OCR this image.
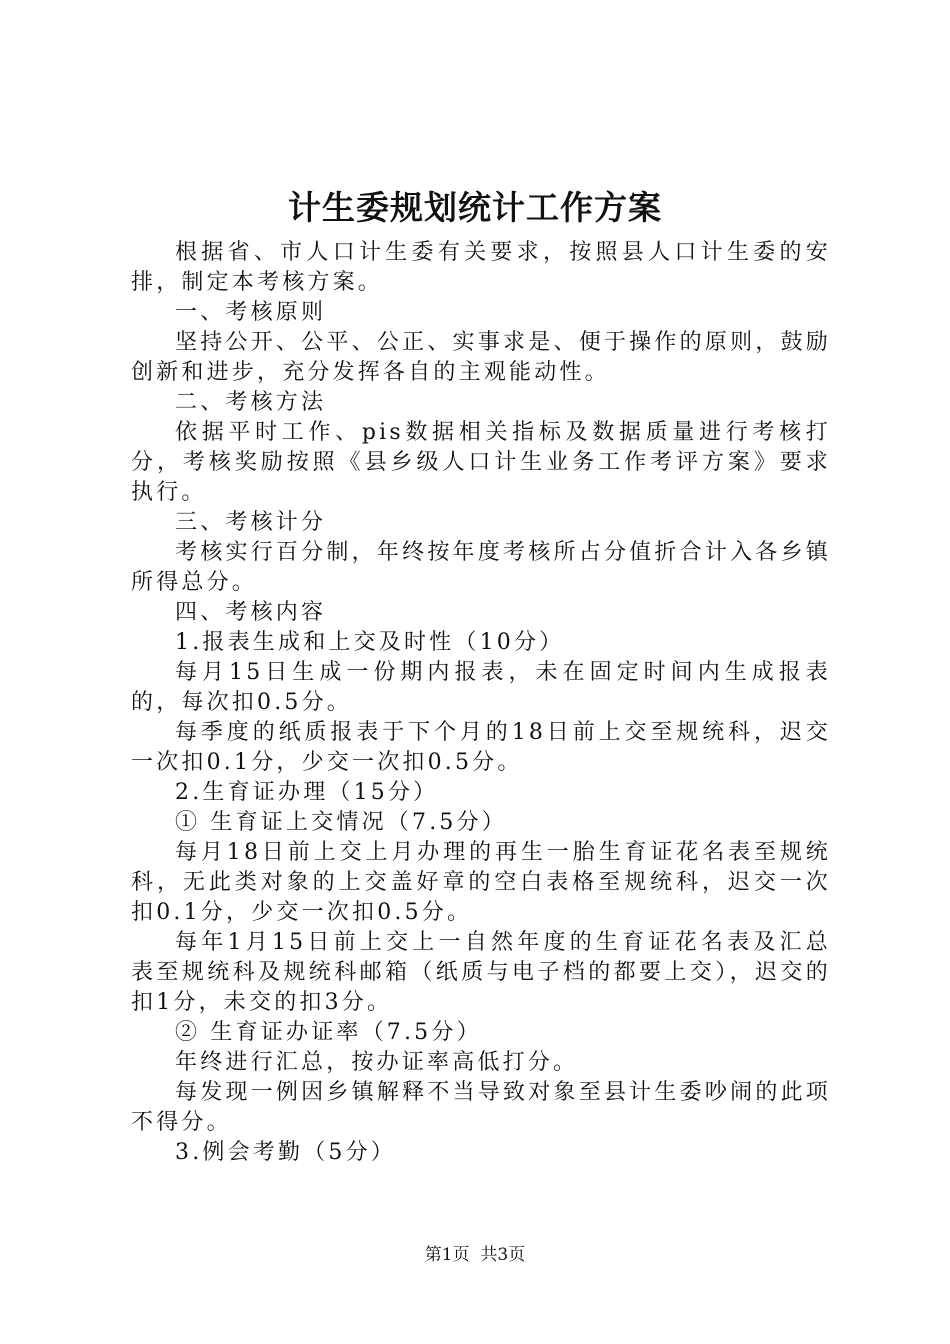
计生委规划统计工作方案

根据省、市人口计生委有关要求，按照县人口计生委的安排，制定本考核方案。

一、考核原则

坚持公开、公平、公正、实事求是、便于操作的原则，鼓励创新和进步，充分发挥各自的主观能动性。

二、考核方法

依据平时工作、pis数据相关指标及数据质量进行考核打分，考核奖励按照《县乡级人口计生业务工作考评方案》要求执行。

三、考核计分

考核实行百分制，年终按年度考核所占分值折合计入各乡镇所得总分。

四、考核内容

1.报表生成和上交及时性（10分）

每月15日生成一份期内报表，未在固定时间内生成报表的，每次扣0.5分。

每季度的纸质报表于下个月的18日前上交至规统科，迟交一次扣0.1分，少交一次扣0.5分。

2.生育证办理（15分）

① 生育证上交情况（7.5分）

每月18日前上交上月办理的再生一胎生育证花名表至规统科，无此类对象的上交盖好章的空白表格至规统科，迟交一次扣0.1分，少交一次扣0.5分。

每年1月15日前上交上一自然年度的生育证花名表及汇总表至规统科及规统科邮箱（纸质与电子档的都要上交），迟交的扣1分，未交的扣3分。

② 生育证办证率（7.5分）

年终进行汇总，按办证率高低打分。

每发现一例因乡镇解释不当导致对象至县计生委吵闹的此项不得分。

3.例会考勤（5分）

第1页 共3页
